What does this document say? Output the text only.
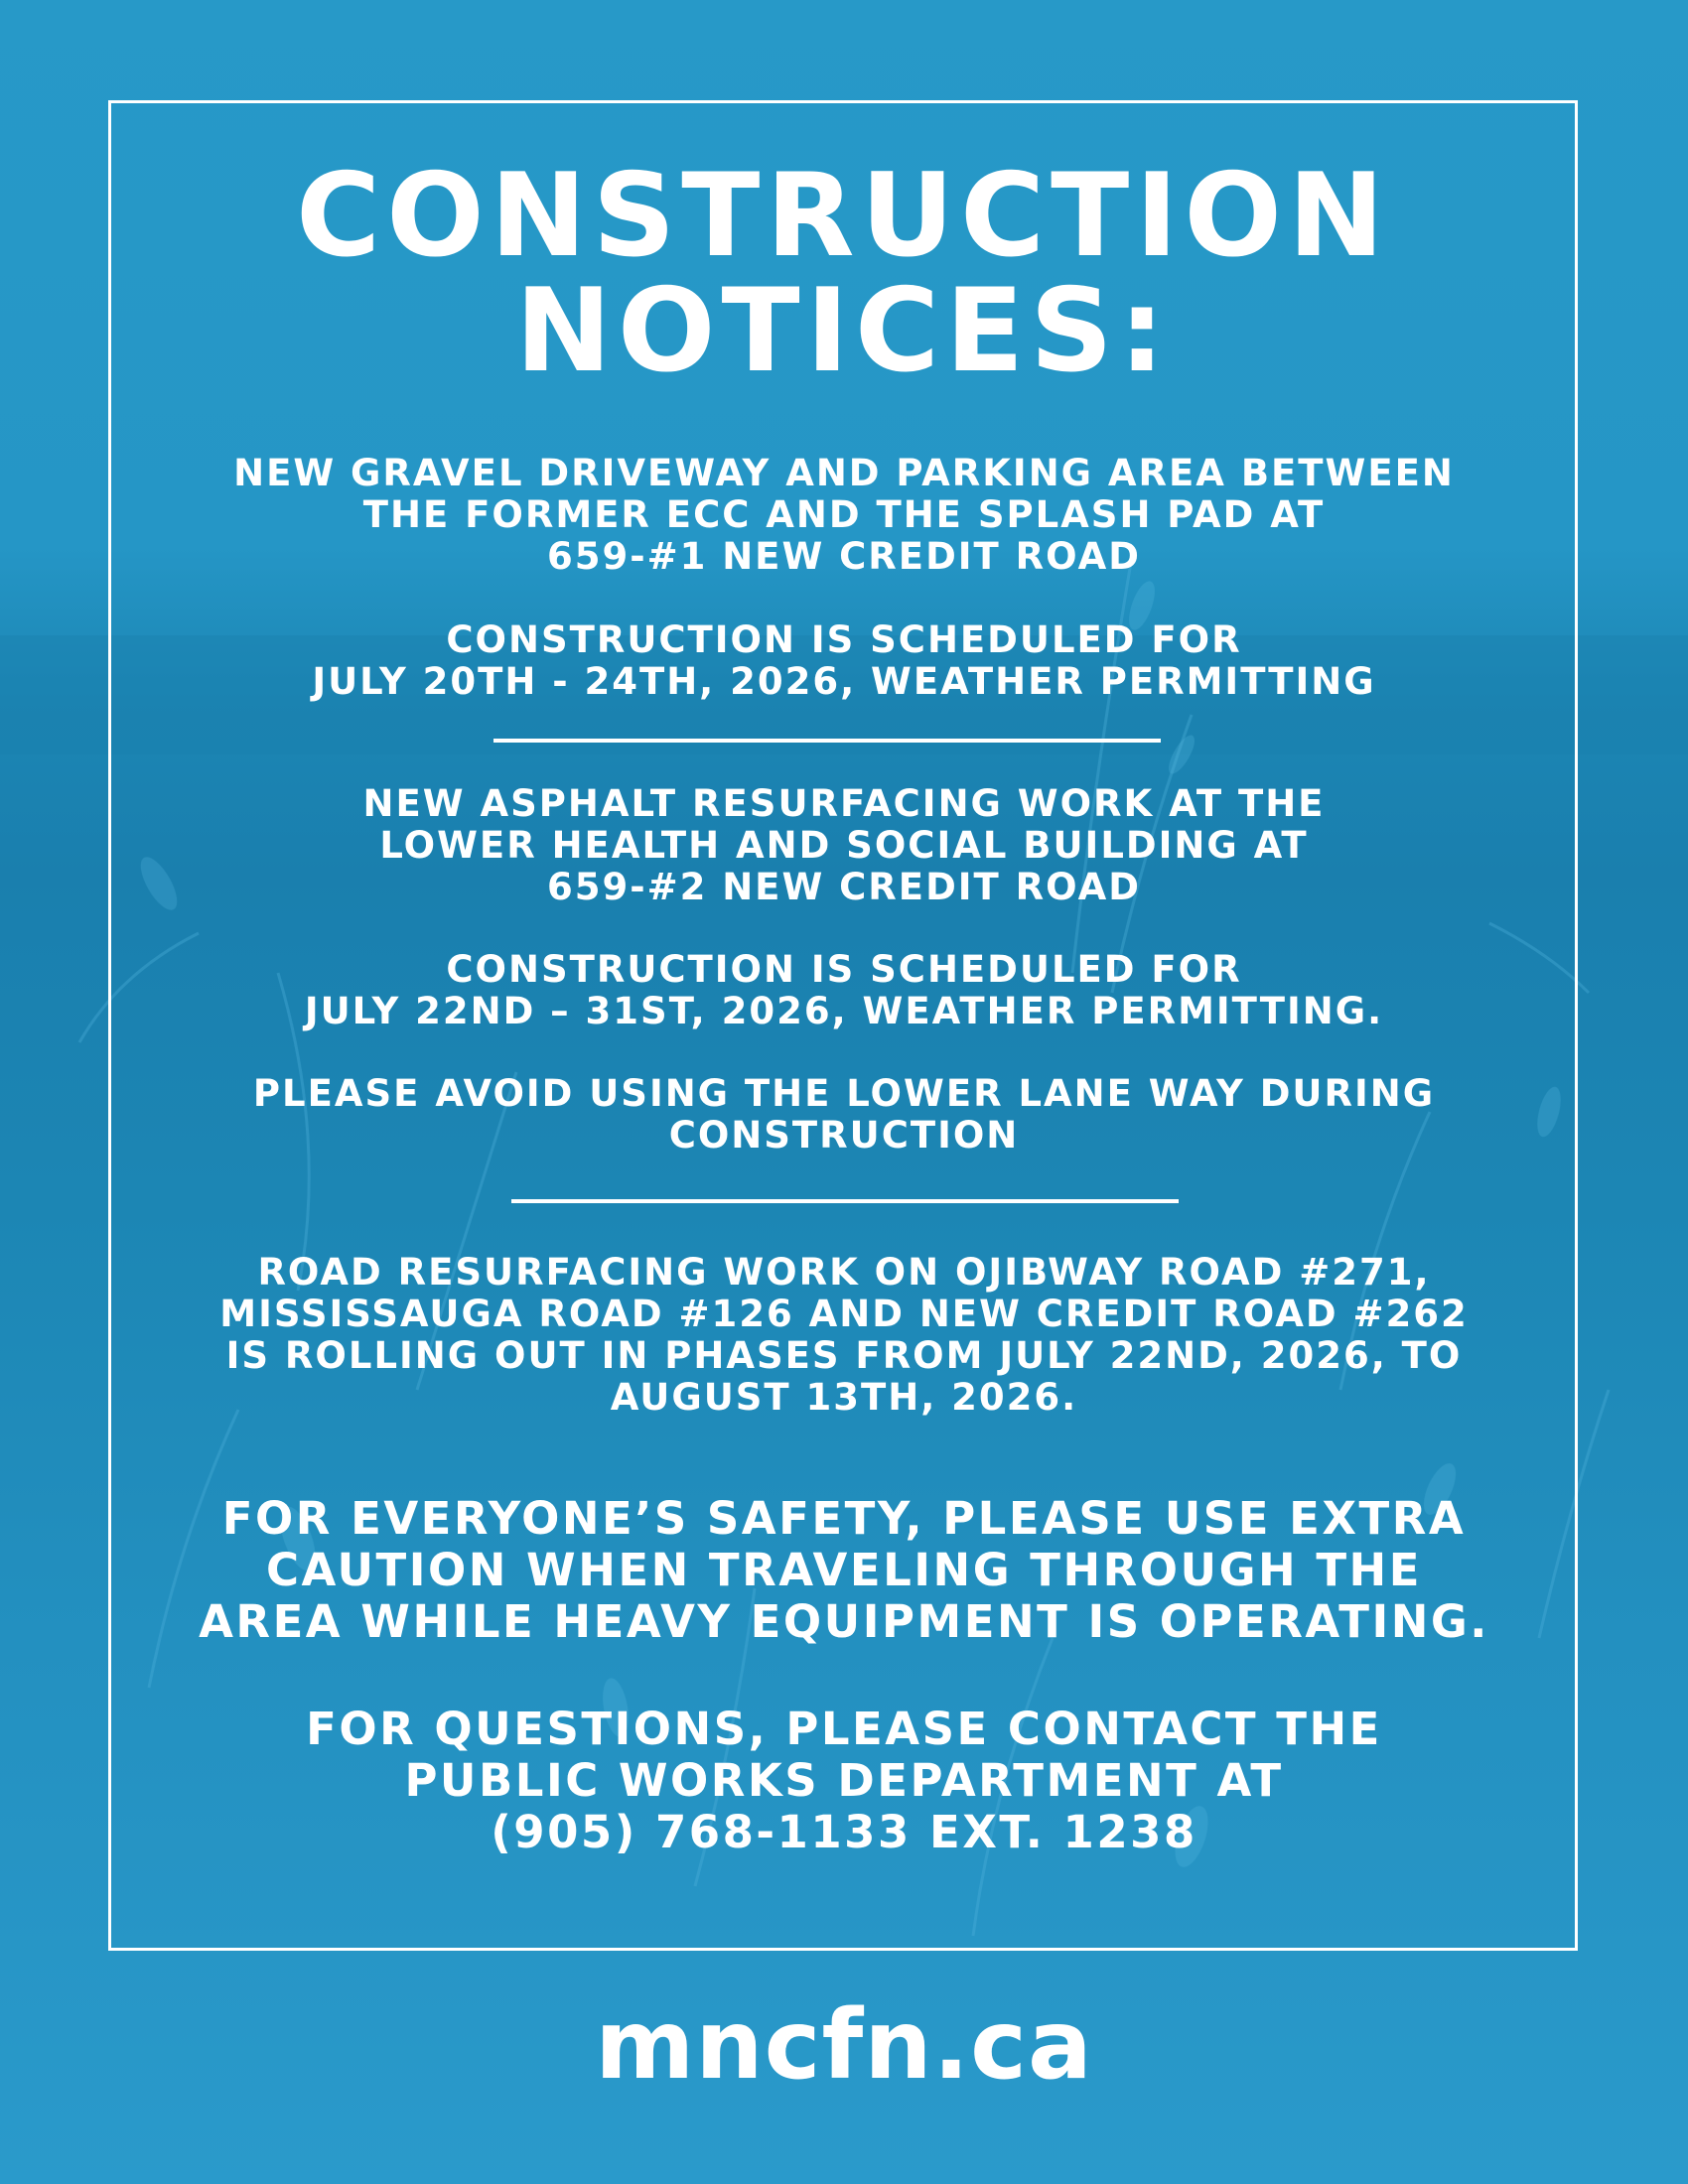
CONSTRUCTION
NOTICES:
NEW GRAVEL DRIVEWAY AND PARKING AREA BETWEEN
THE FORMER ECC AND THE SPLASH PAD AT
659-#1 NEW CREDIT ROAD
CONSTRUCTION IS SCHEDULED FOR
JULY 20TH - 24TH, 2026, WEATHER PERMITTING
NEW ASPHALT RESURFACING WORK AT THE
LOWER HEALTH AND SOCIAL BUILDING AT
659-#2 NEW CREDIT ROAD
CONSTRUCTION IS SCHEDULED FOR
JULY 22ND – 31ST, 2026, WEATHER PERMITTING.
PLEASE AVOID USING THE LOWER LANE WAY DURING
CONSTRUCTION
ROAD RESURFACING WORK ON OJIBWAY ROAD #271,
MISSISSAUGA ROAD #126 AND NEW CREDIT ROAD #262
IS ROLLING OUT IN PHASES FROM JULY 22ND, 2026, TO
AUGUST 13TH, 2026.
FOR EVERYONE’S SAFETY, PLEASE USE EXTRA
CAUTION WHEN TRAVELING THROUGH THE
AREA WHILE HEAVY EQUIPMENT IS OPERATING.
FOR QUESTIONS, PLEASE CONTACT THE
PUBLIC WORKS DEPARTMENT AT
(905) 768-1133 EXT. 1238
mncfn.ca
